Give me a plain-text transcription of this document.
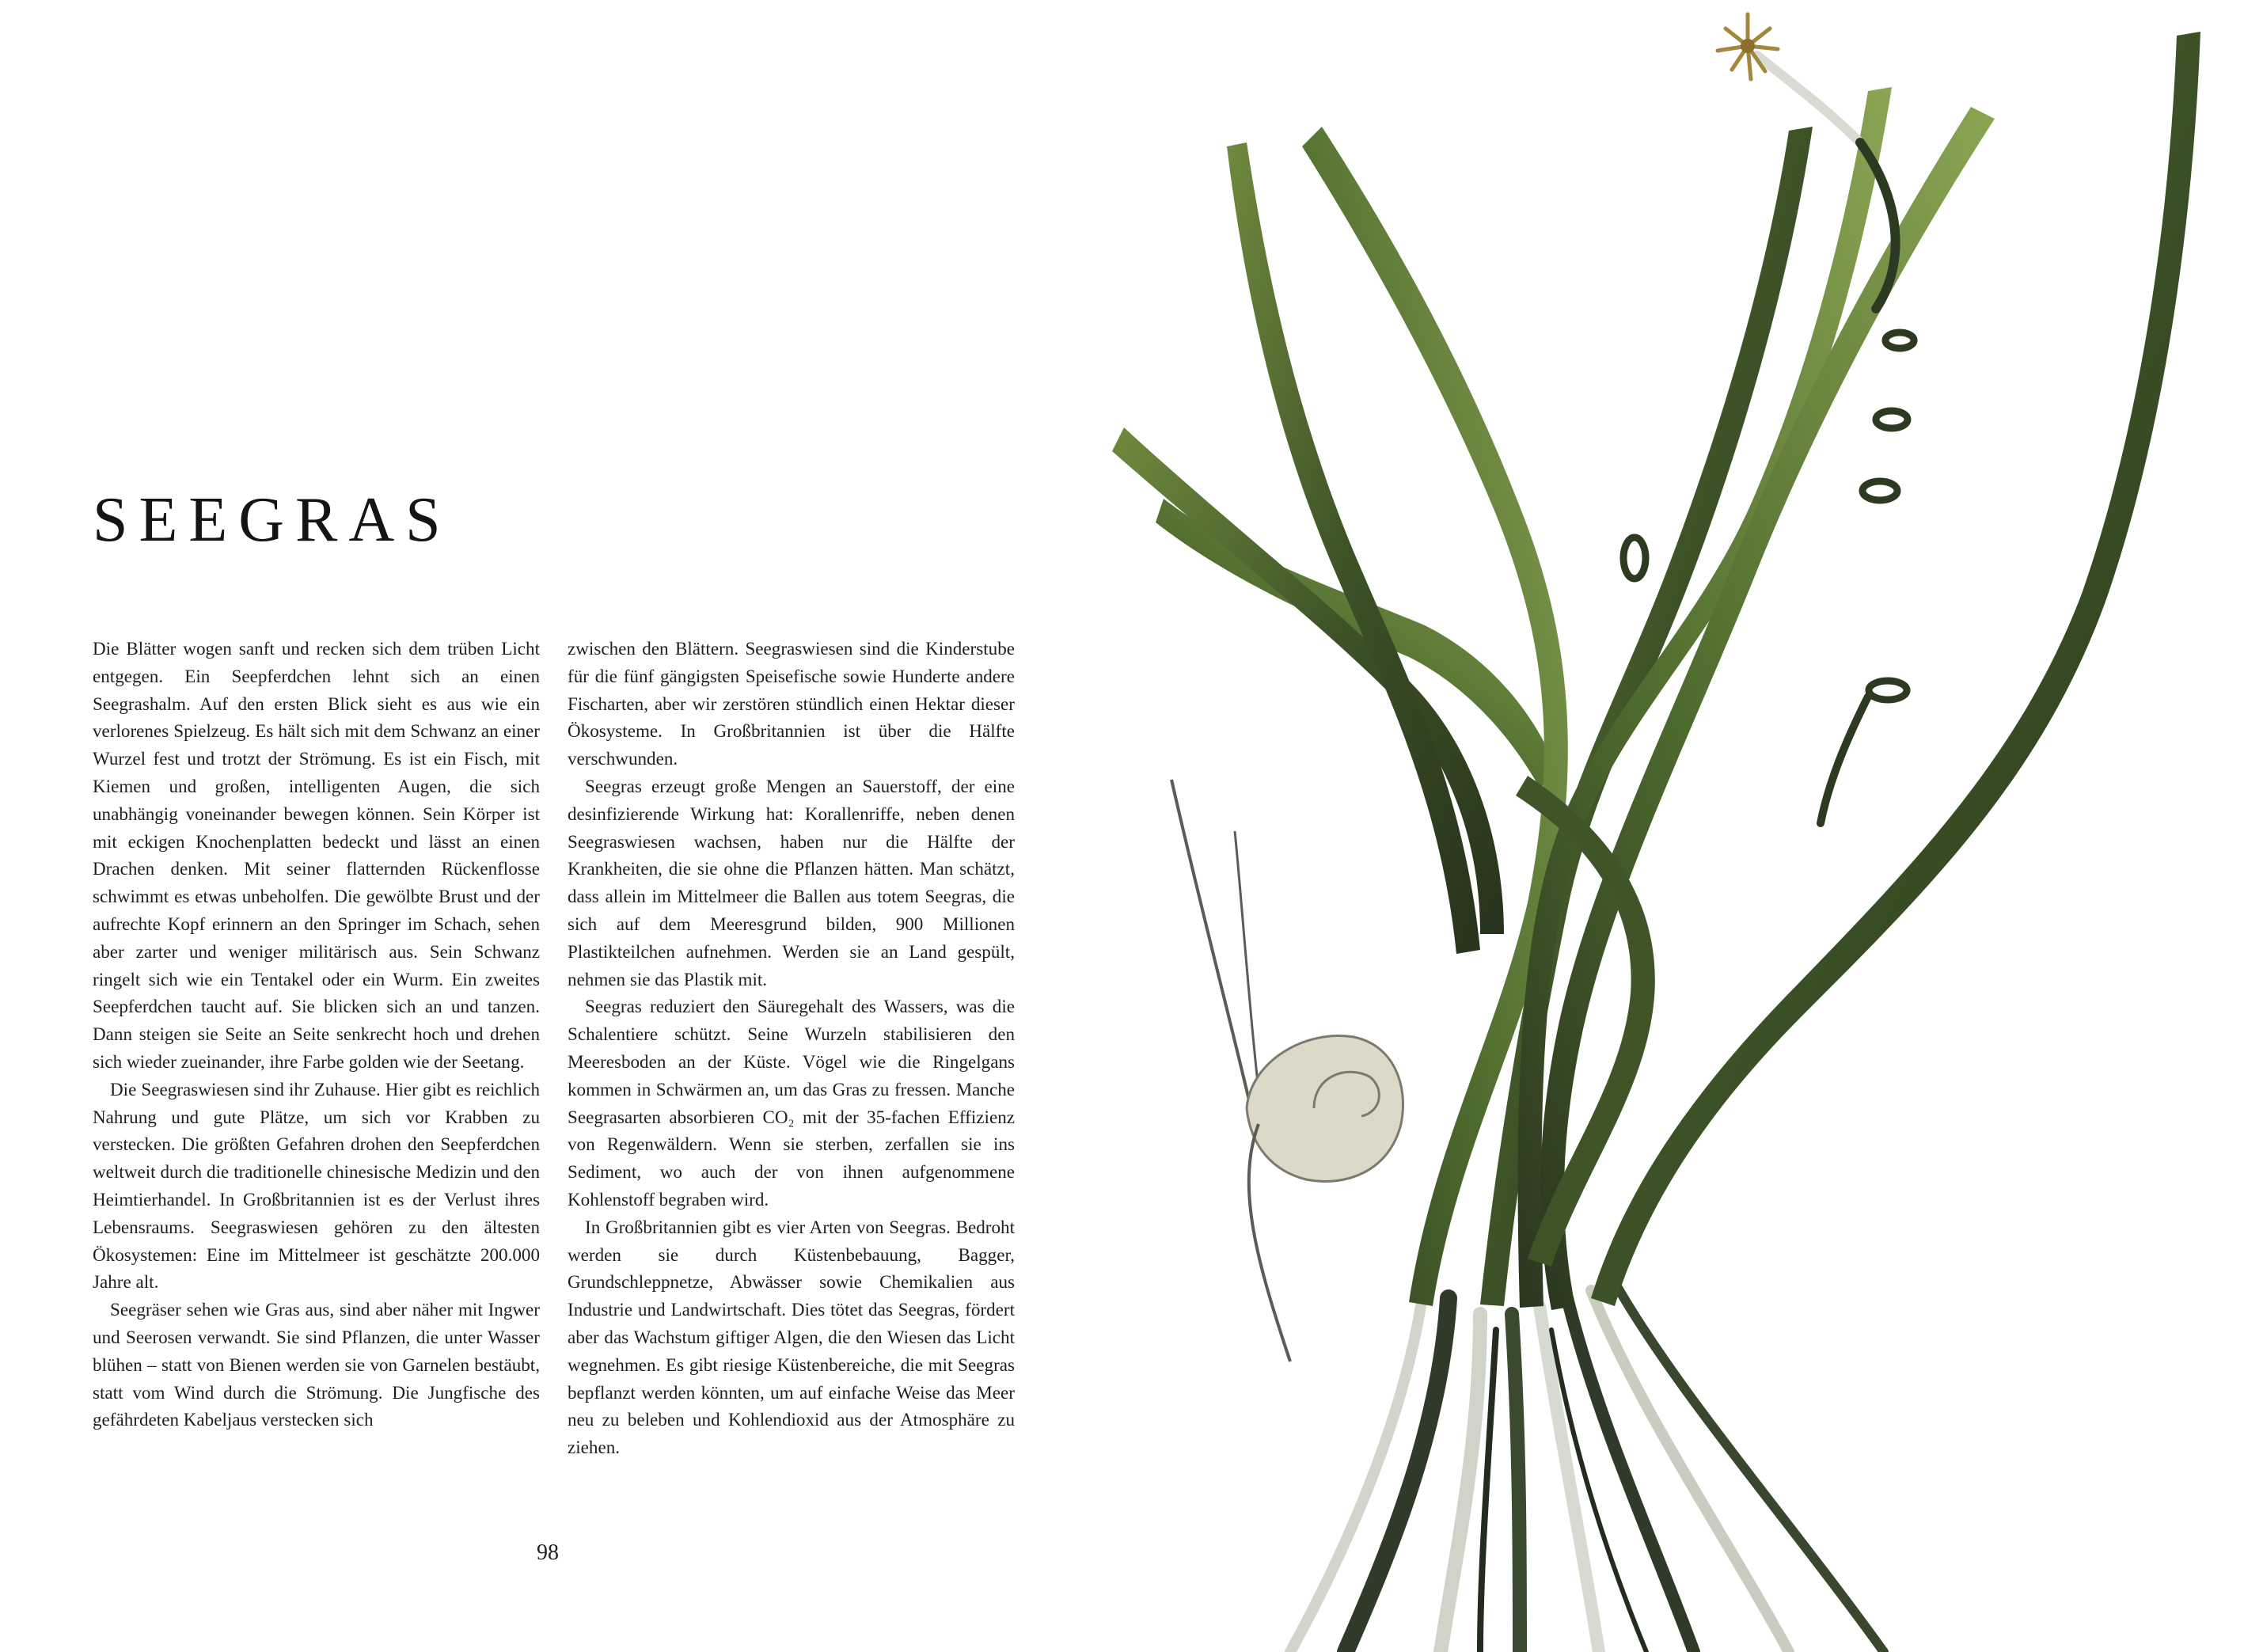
SEEGRAS

Die Blätter wogen sanft und recken sich dem trüben Licht entgegen. Ein Seepferdchen lehnt sich an einen Seegrashalm. Auf den ersten Blick sieht es aus wie ein verlorenes Spielzeug. Es hält sich mit dem Schwanz an einer Wurzel fest und trotzt der Strömung. Es ist ein Fisch, mit Kiemen und großen, intelligenten Augen, die sich unabhängig voneinander bewegen können. Sein Körper ist mit eckigen Knochenplatten bedeckt und lässt an einen Drachen denken. Mit seiner flatternden Rückenflosse schwimmt es etwas unbeholfen. Die gewölbte Brust und der aufrechte Kopf erinnern an den Springer im Schach, sehen aber zarter und weniger militärisch aus. Sein Schwanz ringelt sich wie ein Tentakel oder ein Wurm. Ein zweites Seepferdchen taucht auf. Sie blicken sich an und tanzen. Dann steigen sie Seite an Seite senkrecht hoch und drehen sich wieder zueinander, ihre Farbe golden wie der Seetang.

Die Seegraswiesen sind ihr Zuhause. Hier gibt es reichlich Nahrung und gute Plätze, um sich vor Krabben zu verstecken. Die größten Gefahren drohen den Seepferdchen weltweit durch die traditionelle chinesische Medizin und den Heimtierhandel. In Großbritannien ist es der Verlust ihres Lebensraums. Seegraswiesen gehören zu den ältesten Ökosystemen: Eine im Mittelmeer ist geschätzte 200.000 Jahre alt.

Seegräser sehen wie Gras aus, sind aber näher mit Ingwer und Seerosen verwandt. Sie sind Pflanzen, die unter Wasser blühen – statt von Bienen werden sie von Garnelen bestäubt, statt vom Wind durch die Strömung. Die Jungfische des gefährdeten Kabeljaus verstecken sich

zwischen den Blättern. Seegraswiesen sind die Kinderstube für die fünf gängigsten Speisefische sowie Hunderte andere Fischarten, aber wir zerstören stündlich einen Hektar dieser Ökosysteme. In Großbritannien ist über die Hälfte verschwunden.

Seegras erzeugt große Mengen an Sauerstoff, der eine desinfizierende Wirkung hat: Korallenriffe, neben denen Seegraswiesen wachsen, haben nur die Hälfte der Krankheiten, die sie ohne die Pflanzen hätten. Man schätzt, dass allein im Mittelmeer die Ballen aus totem Seegras, die sich auf dem Meeresgrund bilden, 900 Millionen Plastikteilchen aufnehmen. Werden sie an Land gespült, nehmen sie das Plastik mit.

Seegras reduziert den Säuregehalt des Wassers, was die Schalentiere schützt. Seine Wurzeln stabilisieren den Meeresboden an der Küste. Vögel wie die Ringelgans kommen in Schwärmen an, um das Gras zu fressen. Manche Seegrasarten absorbieren CO₂ mit der 35-fachen Effizienz von Regenwäldern. Wenn sie sterben, zerfallen sie ins Sediment, wo auch der von ihnen aufgenommene Kohlenstoff begraben wird.

In Großbritannien gibt es vier Arten von Seegras. Bedroht werden sie durch Küstenbebauung, Bagger, Grundschleppnetze, Abwässer sowie Chemikalien aus Industrie und Landwirtschaft. Dies tötet das Seegras, fördert aber das Wachstum giftiger Algen, die den Wiesen das Licht wegnehmen. Es gibt riesige Küstenbereiche, die mit Seegras bepflanzt werden könnten, um auf einfache Weise das Meer neu zu beleben und Kohlendioxid aus der Atmosphäre zu ziehen.

98
